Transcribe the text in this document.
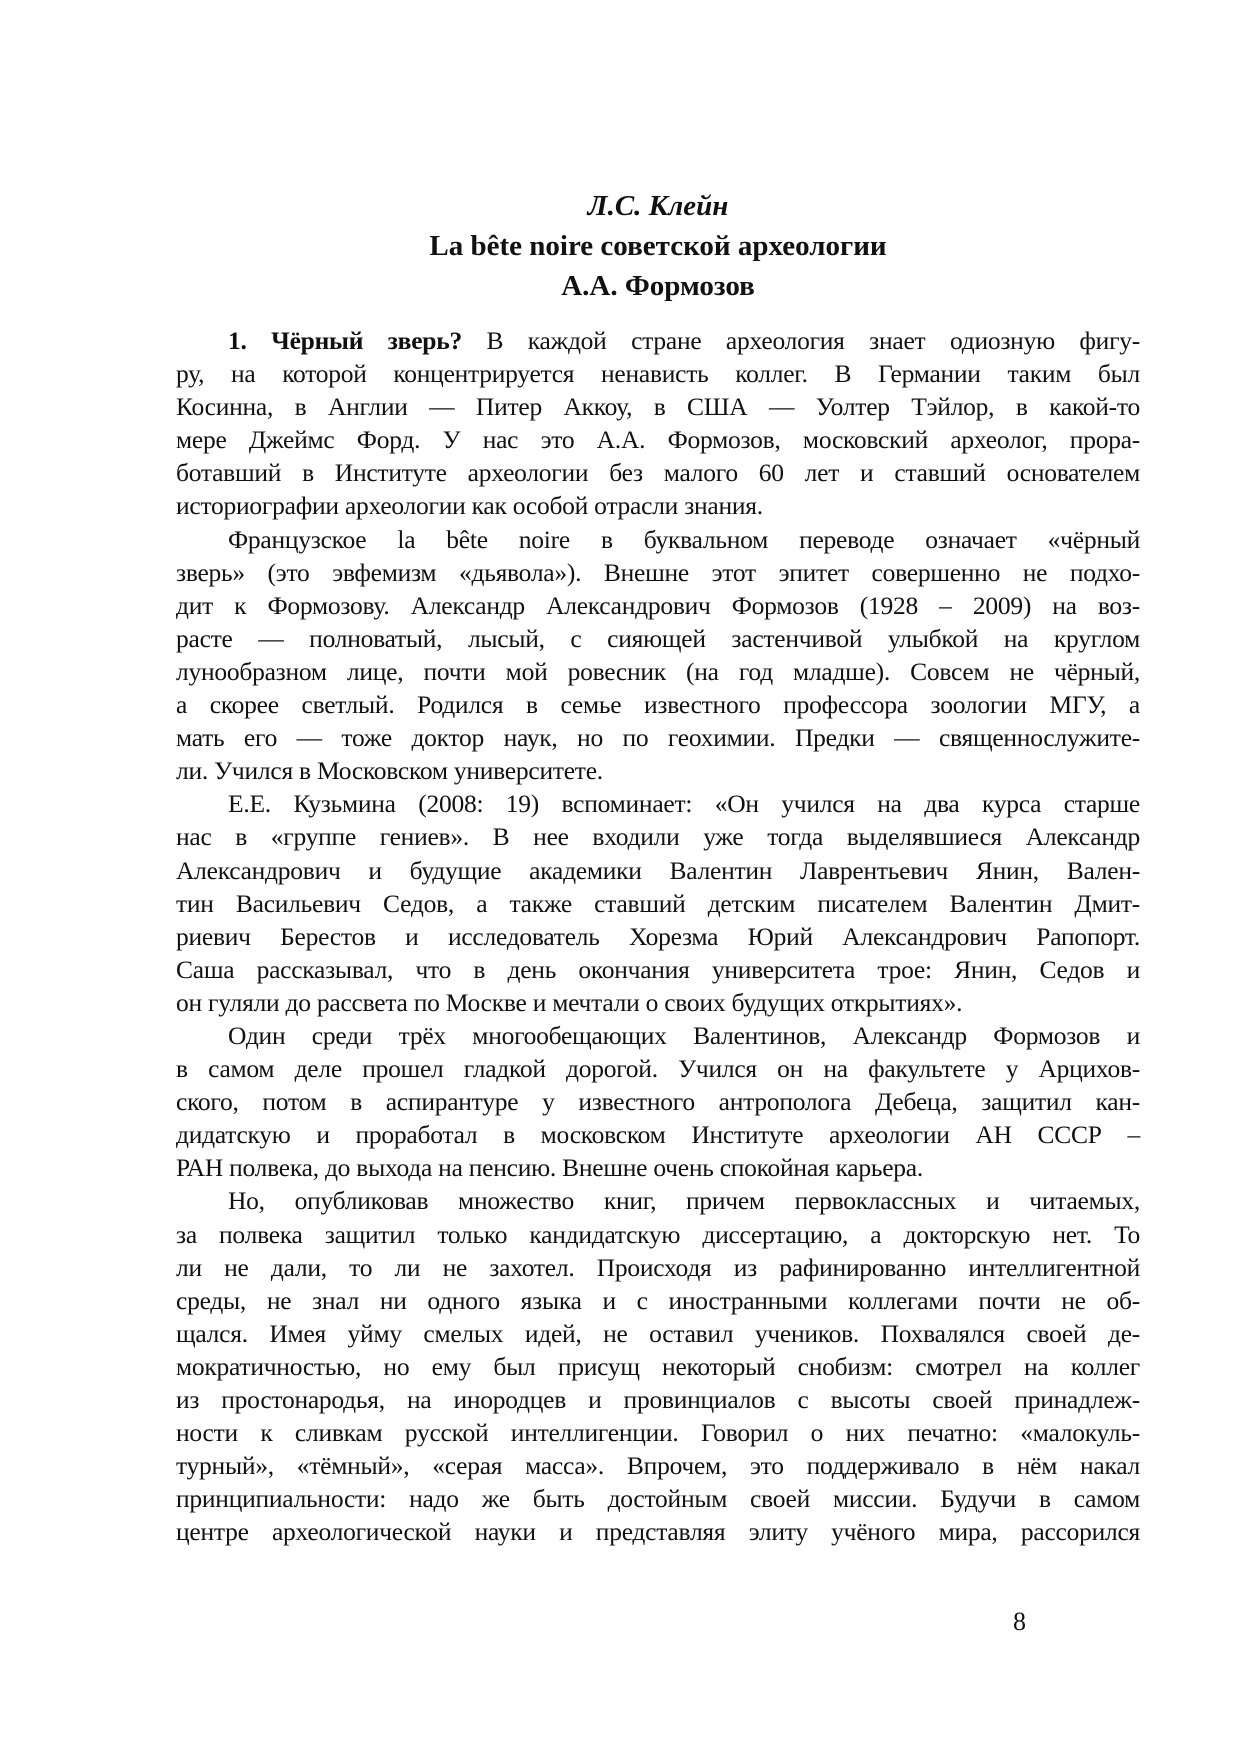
Л.С. Клейн
La bête noire советской археологии
А.А. Формозов
1. Чёрный зверь? В каждой стране археология знает одиозную фигу-
ру, на которой концентрируется ненависть коллег. В Германии таким был
Косинна, в Англии — Питер Аккоу, в США — Уолтер Тэйлор, в какой-то
мере Джеймс Форд. У нас это А.А. Формозов, московский археолог, прора-
ботавший в Институте археологии без малого 60 лет и ставший основателем
историографии археологии как особой отрасли знания.
Французское la bête noire в буквальном переводе означает «чёрный
зверь» (это эвфемизм «дьявола»). Внешне этот эпитет совершенно не подхо-
дит к Формозову. Александр Александрович Формозов (1928 – 2009) на воз-
расте — полноватый, лысый, с сияющей застенчивой улыбкой на круглом
лунообразном лице, почти мой ровесник (на год младше). Совсем не чёрный,
а скорее светлый. Родился в семье известного профессора зоологии МГУ, а
мать его — тоже доктор наук, но по геохимии. Предки — священнослужите-
ли. Учился в Московском университете.
Е.Е. Кузьмина (2008: 19) вспоминает: «Он учился на два курса старше
нас в «группе гениев». В нее входили уже тогда выделявшиеся Александр
Александрович и будущие академики Валентин Лаврентьевич Янин, Вален-
тин Васильевич Седов, а также ставший детским писателем Валентин Дмит-
риевич Берестов и исследователь Хорезма Юрий Александрович Рапопорт.
Саша рассказывал, что в день окончания университета трое: Янин, Седов и
он гуляли до рассвета по Москве и мечтали о своих будущих открытиях».
Один среди трёх многообещающих Валентинов, Александр Формозов и
в самом деле прошел гладкой дорогой. Учился он на факультете у Арцихов-
ского, потом в аспирантуре у известного антрополога Дебеца, защитил кан-
дидатскую и проработал в московском Институте археологии АН СССР –
РАН полвека, до выхода на пенсию. Внешне очень спокойная карьера.
Но, опубликовав множество книг, причем первоклассных и читаемых,
за полвека защитил только кандидатскую диссертацию, а докторскую нет. То
ли не дали, то ли не захотел. Происходя из рафинированно интеллигентной
среды, не знал ни одного языка и с иностранными коллегами почти не об-
щался. Имея уйму смелых идей, не оставил учеников. Похвалялся своей де-
мократичностью, но ему был присущ некоторый снобизм: смотрел на коллег
из простонародья, на инородцев и провинциалов с высоты своей принадлеж-
ности к сливкам русской интеллигенции. Говорил о них печатно: «малокуль-
турный», «тёмный», «серая масса». Впрочем, это поддерживало в нём накал
принципиальности: надо же быть достойным своей миссии. Будучи в самом
центре археологической науки и представляя элиту учёного мира, рассорился
8
